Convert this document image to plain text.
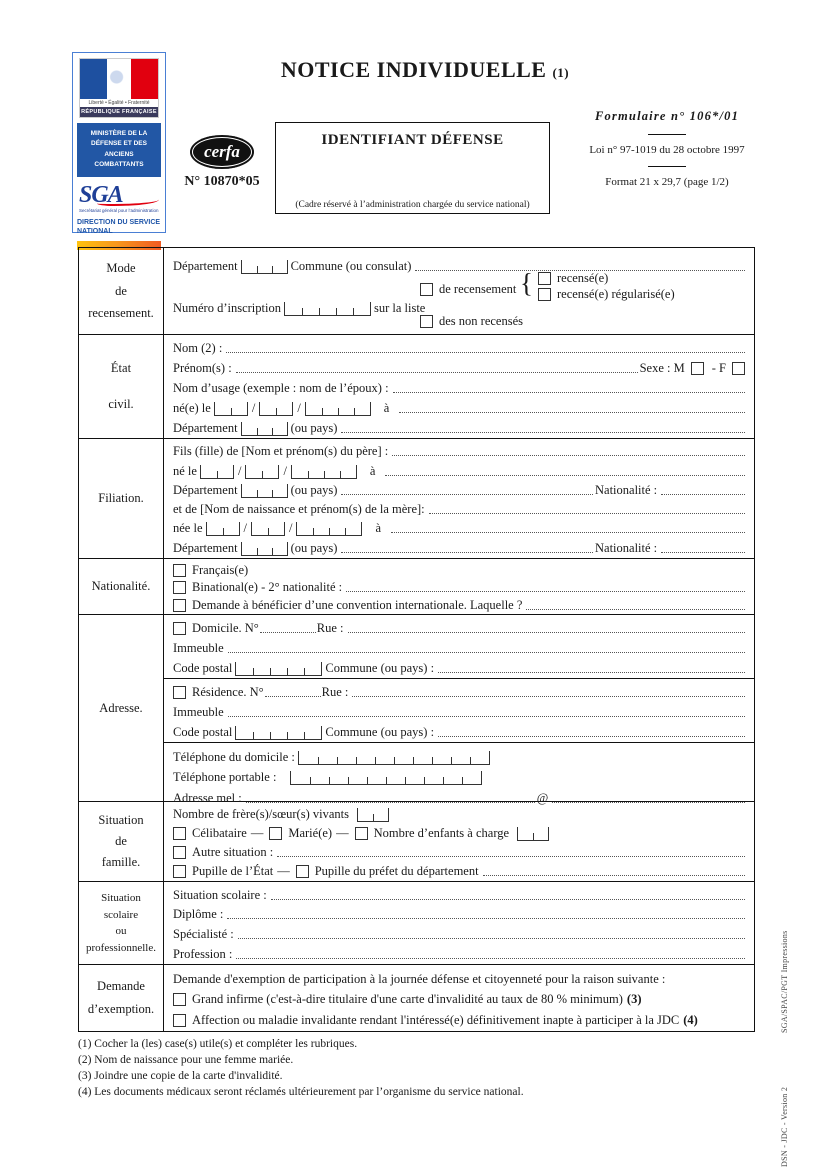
Liberté • Égalité • Fraternité
RÉPUBLIQUE FRANÇAISE
MINISTÈRE DE LA DÉFENSE ET DES ANCIENS COMBATTANTS
SGA
Secrétariat général pour l’administration
DIRECTION DU SERVICE NATIONAL
cerfa
N° 10870*05
NOTICE INDIVIDUELLE (1)
IDENTIFIANT DÉFENSE
(Cadre réservé à l’administration chargée du service national)
Formulaire n° 106*/01
Loi n° 97-1019 du 28 octobre 1997
Format 21 x 29,7 (page 1/2)
Mode
de
recensement.
Département	Commune (ou consulat)
de recensement { recensé(e)
recensé(e) régularisé(e)
Numéro d’inscription	sur la liste
des non recensés
État
civil.
Nom (2) :
Prénom(s) :	Sexe : M - F
Nom d’usage (exemple : nom de l’époux) :
né(e) le	/	/	à
Département	(ou pays)
Filiation.
Fils (fille) de [Nom et prénom(s) du père] :
né le	/	/	à
Département	(ou pays)	Nationalité :
et de [Nom de naissance et prénom(s) de la mère]:
née le	/	/	à
Département	(ou pays)	Nationalité :
Nationalité.
Français(e)
Binational(e) - 2° nationalité :
Demande à bénéficier d’une convention internationale. Laquelle ?
Adresse.
Domicile. N°	Rue :
Immeuble
Code postal	Commune (ou pays) :
Résidence. N°	Rue :
Immeuble
Code postal	Commune (ou pays) :
Téléphone du domicile :
Téléphone portable :
Adresse mel :	@
Situation
de
famille.
Nombre de frère(s)/sœur(s) vivants
Célibataire — Marié(e) — Nombre d’enfants à charge
Autre situation :
Pupille de l’État — Pupille du préfet du département
Situation
scolaire
ou
professionnelle.
Situation scolaire :
Diplôme :
Spécialisté :
Profession :
Demande
d’exemption.
Demande d'exemption de participation à la journée défense et citoyenneté pour la raison suivante :
Grand infirme (c'est-à-dire titulaire d'une carte d'invalidité au taux de 80 % minimum) (3)
Affection ou maladie invalidante rendant l'intéressé(e) définitivement inapte à participer à la JDC (4)
(1) Cocher la (les) case(s) utile(s) et compléter les rubriques.
(2) Nom de naissance pour une femme mariée.
(3) Joindre une copie de la carte d'invalidité.
(4) Les documents médicaux seront réclamés ultérieurement par l’organisme du service national.
SGA/SPAC/PGT Impressions
DSN - JDC - Version 2
